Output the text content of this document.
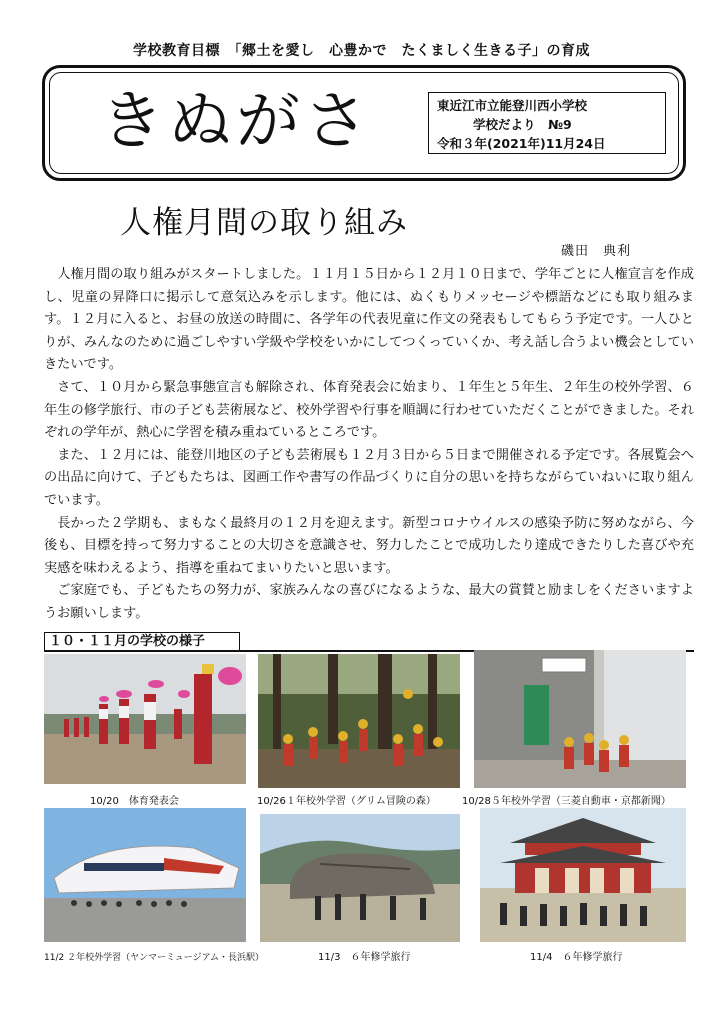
学校教育目標　「郷土を愛し　心豊かで　たくましく生きる子」の育成
きぬがさ	東近江市立能登川西小学校
学校だより　№9
令和３年(2021年)11月24日
人権月間の取り組み
磯田　典利

人権月間の取り組みがスタートしました。１１月１５日から１２月１０日まで、学年ごとに人権宣言を作成し、児童の昇降口に掲示して意気込みを示します。他には、ぬくもりメッセージや標語などにも取り組みます。１２月に入ると、お昼の放送の時間に、各学年の代表児童に作文の発表もしてもらう予定です。一人ひとりが、みんなのために過ごしやすい学級や学校をいかにしてつくっていくか、考え話し合うよい機会としていきたいです。

さて、１０月から緊急事態宣言も解除され、体育発表会に始まり、１年生と５年生、２年生の校外学習、６年生の修学旅行、市の子ども芸術展など、校外学習や行事を順調に行わせていただくことができました。それぞれの学年が、熱心に学習を積み重ねているところです。

また、１２月には、能登川地区の子ども芸術展も１２月３日から５日まで開催される予定です。各展覧会への出品に向けて、子どもたちは、図画工作や書写の作品づくりに自分の思いを持ちながらていねいに取り組んでいます。

長かった２学期も、まもなく最終月の１２月を迎えます。新型コロナウイルスの感染予防に努めながら、今後も、目標を持って努力することの大切さを意識させ、努力したことで成功したり達成できたりした喜びや充実感を味わえるよう、指導を重ねてまいりたいと思います。

ご家庭でも、子どもたちの努力が、家族みんなの喜びになるような、最大の賞賛と励ましをくださいますようお願いします。

１０・１１月の学校の様子
10/20　体育発表会	10/26１年校外学習（グリム冒険の森）	10/28５年校外学習（三菱自動車・京都新聞）
11/2 ２年校外学習（ヤンマーミュージアム・長浜駅）	11/3　６年修学旅行	11/4　６年修学旅行
